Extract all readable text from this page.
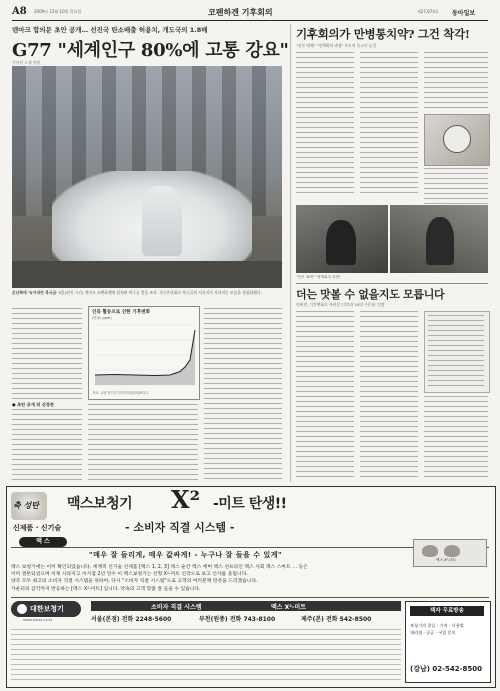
A8 2009년 12월 10일 목요일	코펜하겐 기후회의	제27,674호 동아일보
덴마크 합의문 초안 공개… 선진국 탄소배출 허용치, 개도국의 1.8배
G77 "세계인구 80%에 고통 강요"
기사원 드제 연합
온난화에 '녹아내린 북극곰' 9일(현지 시간) 덴마크 코펜하겐에 설치된 북극곰 얼음 조각. 지구온난화로 북극곰의 서식지가 사라지는 모습을 형상화했다.
● 초안 공개 뒤 신경전
인류 활동으로 인한 기후변화
(단위: ppm)
자료: 유엔 정부간기후변화위원회(IPCC)
기후회의가 만병통치약? 그건 착각!
"진보 매체" "정책회의 과장" 보도의 목소리 눈길
"진보 매체" "정책회의 과장"
더는 맛볼 수 없을지도 모릅니다
미워진, 기후변화로 사라질 '미각과 10대 수준품' 인정
축 성탄 맥스보청기 X² -미트 탄생!!
- 소비자 직결 시스템 -
신제품 · 신기술
맥 스
"매우 잘 들리게, 매우 값싸게! - 누구나 잘 들을 수 있게"
맥스 보청기에는 이미 확인되었습니다. 세계적 신기술 신제품 [맥스 1, 2, 3] 맥스 순간 맥스 에버 맥스 선프라인 맥스 사회 맥스 스마트 … 등은
이미 결론되었으며 이제 사라지고 이시점 2년 연수 이 맥스보청기는 신형 X²-미트 신작으로 보고 인사를 올립니다.
양측 모두 최고의 소비자 직결 시스템을 위하여, 다시 "소비자 직결 시스템"으로 고객의 여러분께 만족을 드리겠습니다.
카운터의 감각까지 반응하는 [맥스 X²-미트] 입니다. 약속의 고객 맞춤 잘 들을 수 있습니다.
맥스 X²-미트
대한보청기
www.maxs.co.kr
소비자 직결 시스템	맥스 X²-미트
서울(본점) 전화 2248-5600	부천(원종) 전화 743-8100	제주(본) 전화 542-8500
택자 무료방송
보청기의 종류 · 가격 · 사용법
대리점 · 공급 · 구입 문의
(강남) 02-542-8500
